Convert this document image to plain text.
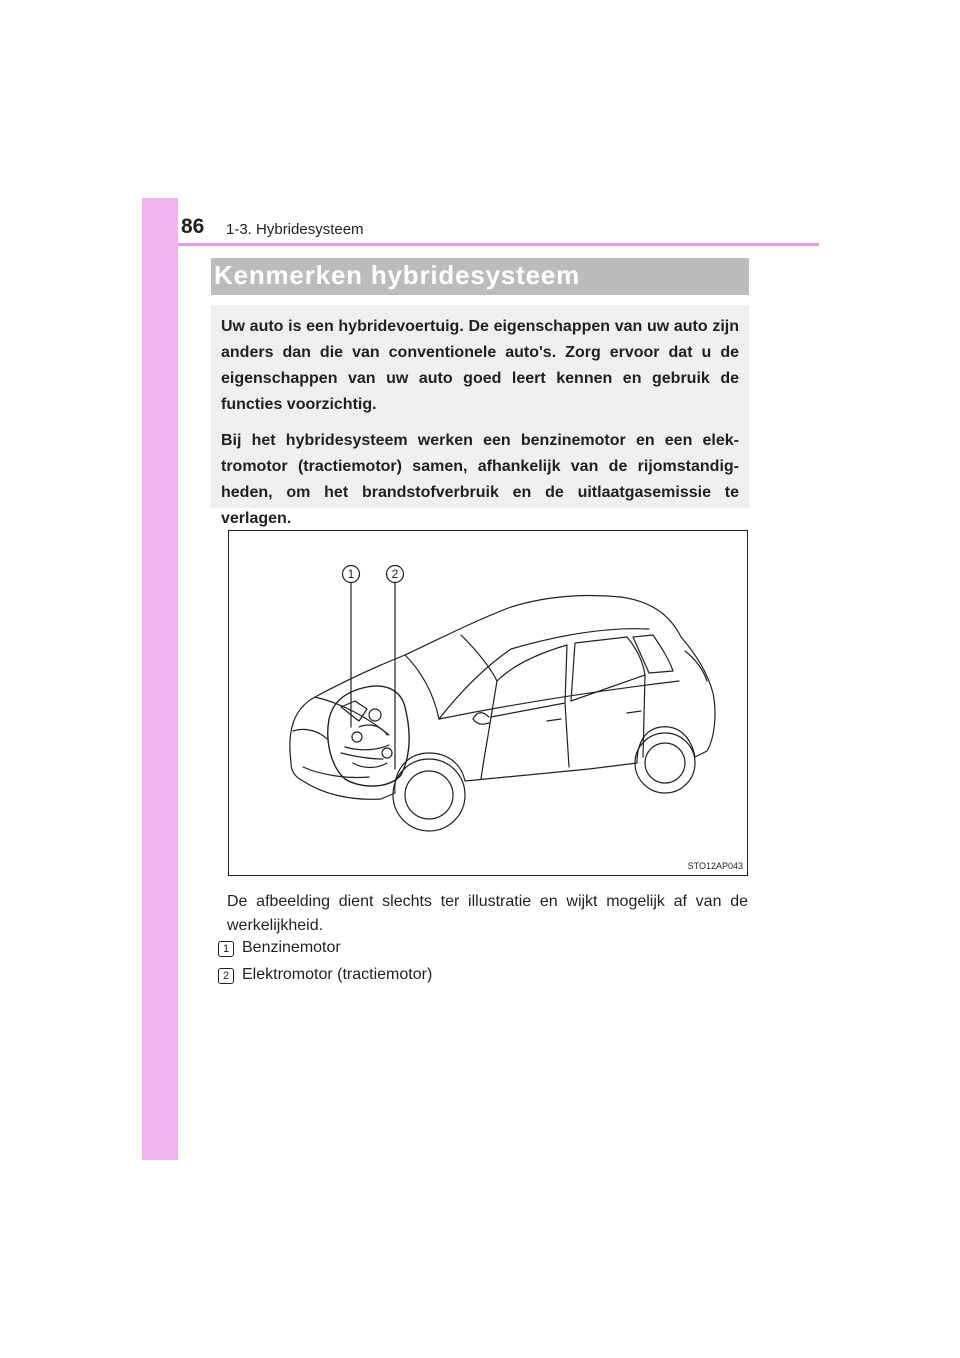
86 1-3. Hybridesysteem
Kenmerken hybridesysteem

Uw auto is een hybridevoertuig. De eigenschappen van uw auto zijn anders dan die van conventionele auto's. Zorg ervoor dat u de eigenschappen van uw auto goed leert kennen en gebruik de functies voorzichtig.

Bij het hybridesysteem werken een benzinemotor en een elek-tromotor (tractiemotor) samen, afhankelijk van de rijomstandig-heden, om het brandstofverbruik en de uitlaatgasemissie te verlagen.

1	2
STO12AP043

De afbeelding dient slechts ter illustratie en wijkt mogelijk af van de werkelijkheid.

1 Benzinemotor
2 Elektromotor (tractiemotor)
